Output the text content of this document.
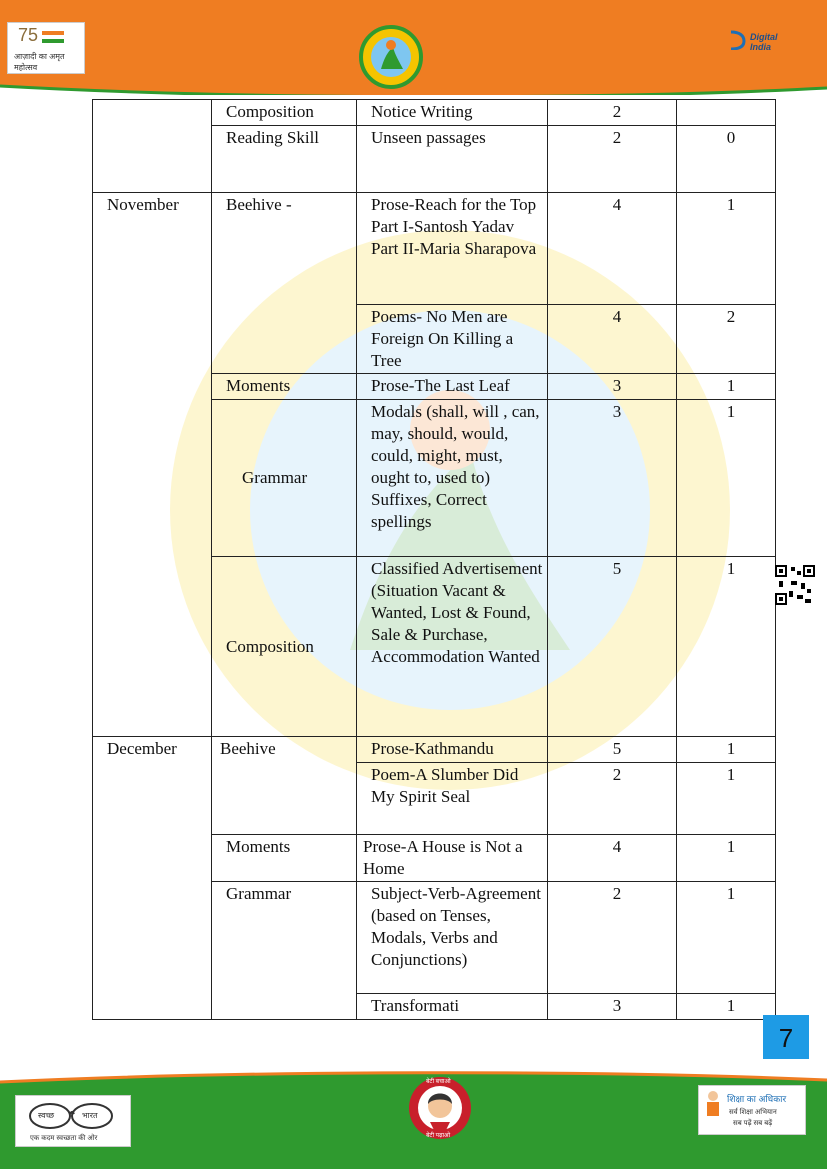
75
आज़ादी का अमृत महोत्सव
Digital India
	Composition	Notice Writing	2	
	Reading Skill	Unseen passages	2	0
November	Beehive -	Prose-Reach for the Top Part I-Santosh Yadav Part II-Maria Sharapova	4	1
		Poems- No Men are Foreign On Killing a Tree	4	2
	Moments	Prose-The Last Leaf	3	1
	Grammar	Modals (shall, will , can, may, should, would, could, might, must, ought to, used to) Suffixes, Correct spellings	3	1
	Composition	Classified Advertisement (Situation Vacant & Wanted, Lost & Found, Sale & Purchase, Accommodation Wanted	5	1
December	Beehive	Prose-Kathmandu	5	1
		Poem-A Slumber Did My Spirit Seal	2	1
	Moments	Prose-A House is Not a Home	4	1
	Grammar	Subject-Verb-Agreement (based on Tenses, Modals, Verbs and Conjunctions)	2	1
		Transformati	3	1
7
स्वच्छ	भारत
एक कदम स्वच्छता की ओर
बेटी बचाओ
बेटी पढ़ाओ
शिक्षा का अधिकार
सर्व शिक्षा अभियान
सब पढ़ें सब बढ़ें
